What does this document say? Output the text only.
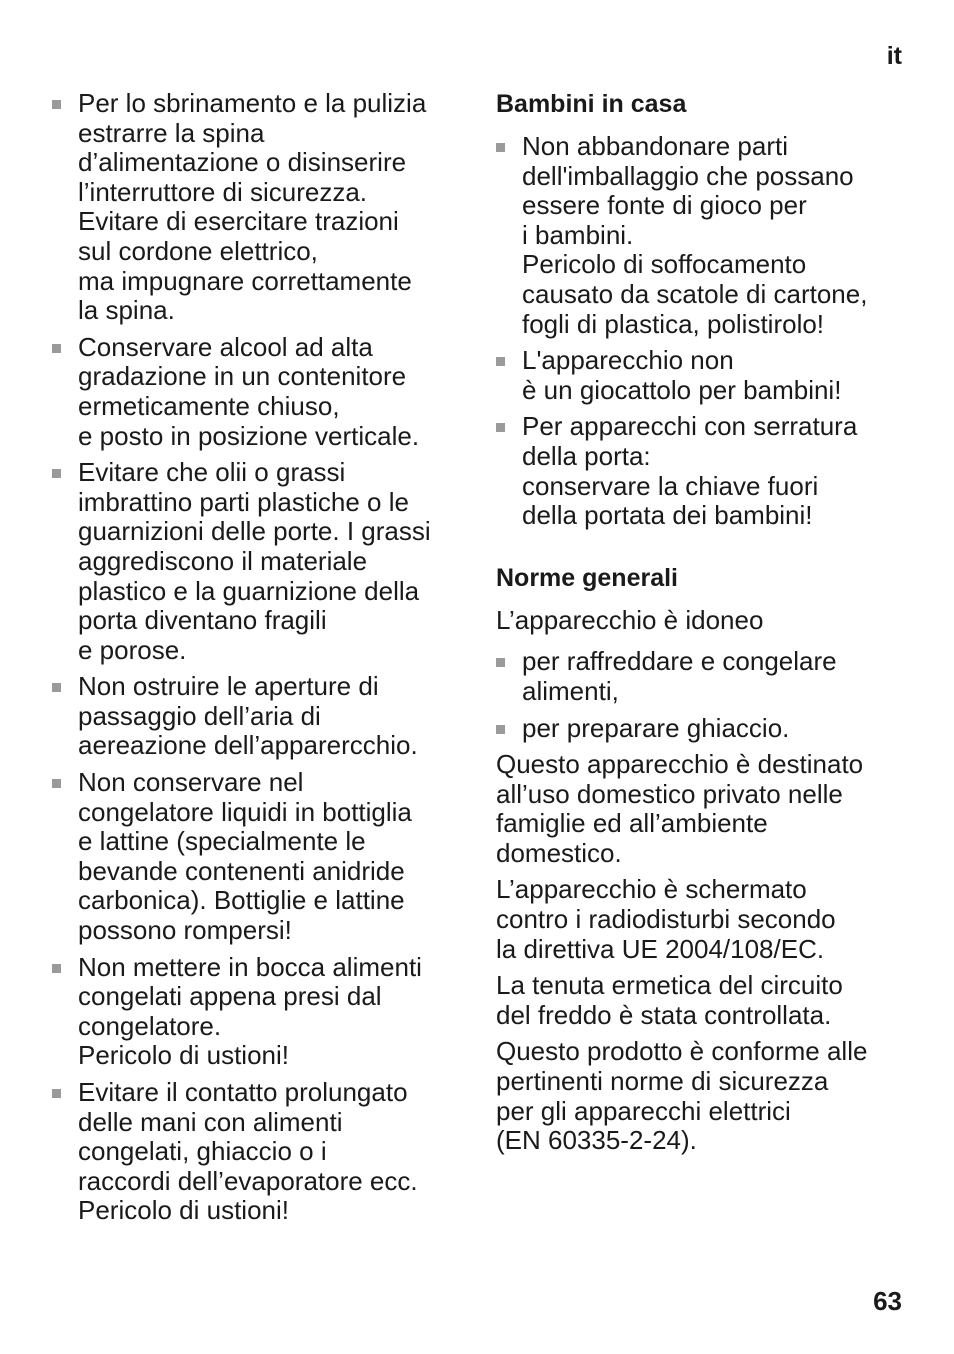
it
Per lo sbrinamento e la pulizia
estrarre la spina
d’alimentazione o disinserire
l’interruttore di sicurezza.
Evitare di esercitare trazioni
sul cordone elettrico,
ma impugnare correttamente
la spina.
Conservare alcool ad alta
gradazione in un contenitore
ermeticamente chiuso,
e posto in posizione verticale.
Evitare che olii o grassi
imbrattino parti plastiche o le
guarnizioni delle porte. I grassi
aggrediscono il materiale
plastico e la guarnizione della
porta diventano fragili
e porose.
Non ostruire le aperture di
passaggio dell’aria di
aereazione dell’apparercchio.
Non conservare nel
congelatore liquidi in bottiglia
e lattine (specialmente le
bevande contenenti anidride
carbonica). Bottiglie e lattine
possono rompersi!
Non mettere in bocca alimenti
congelati appena presi dal
congelatore.
Pericolo di ustioni!
Evitare il contatto prolungato
delle mani con alimenti
congelati, ghiaccio o i
raccordi dell’evaporatore ecc.
Pericolo di ustioni!
Bambini in casa
Non abbandonare parti
dell'imballaggio che possano
essere fonte di gioco per
i bambini.
Pericolo di soffocamento
causato da scatole di cartone,
fogli di plastica, polistirolo!
L'apparecchio non
è un giocattolo per bambini!
Per apparecchi con serratura
della porta:
conservare la chiave fuori
della portata dei bambini!
Norme generali

L’apparecchio è idoneo

per raffreddare e congelare
alimenti,
per preparare ghiaccio.

Questo apparecchio è destinato
all’uso domestico privato nelle
famiglie ed all’ambiente
domestico.

L’apparecchio è schermato
contro i radiodisturbi secondo
la direttiva UE 2004/108/EC.

La tenuta ermetica del circuito
del freddo è stata controllata.

Questo prodotto è conforme alle
pertinenti norme di sicurezza
per gli apparecchi elettrici
(EN 60335-2-24).

63
